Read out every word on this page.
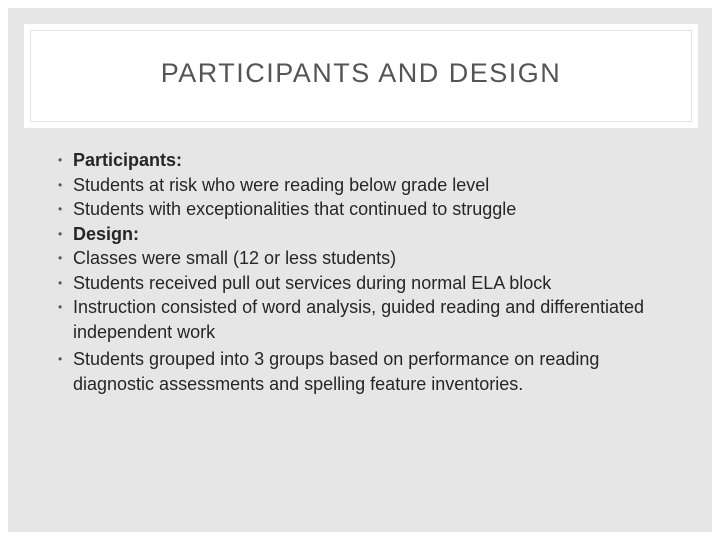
PARTICIPANTS AND DESIGN
• Participants:
• Students at risk who were reading below grade level
• Students with exceptionalities that continued to struggle
• Design:
• Classes were small (12 or less students)
• Students received pull out services during normal ELA block
• Instruction consisted of word analysis, guided reading and differentiated independent work
• Students grouped into 3 groups based on performance on reading diagnostic assessments and spelling feature inventories.
